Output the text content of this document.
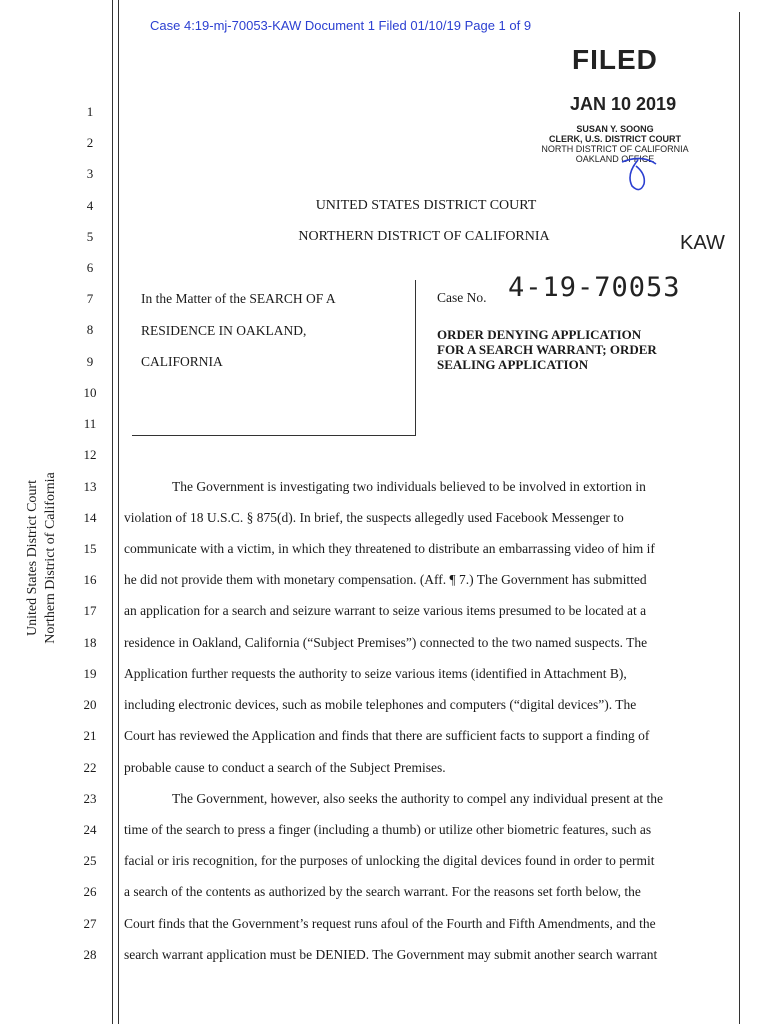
Case 4:19-mj-70053-KAW Document 1 Filed 01/10/19 Page 1 of 9
FILED
JAN 10 2019
SUSAN Y. SOONG
CLERK, U.S. DISTRICT COURT
NORTH DISTRICT OF CALIFORNIA
OAKLAND OFFICE
UNITED STATES DISTRICT COURT
NORTHERN DISTRICT OF CALIFORNIA	KAW
In the Matter of the SEARCH OF A
RESIDENCE IN OAKLAND,
CALIFORNIA
Case No. 4-19-70053
ORDER DENYING APPLICATION
FOR A SEARCH WARRANT; ORDER
SEALING APPLICATION
United States District Court Northern District of California
1
2
3
4
5
6
7
8
9
10
11
12
13
14
15
16
17
18
19
20
21
22
23
24
25
26
27
28
The Government is investigating two individuals believed to be involved in extortion in
violation of 18 U.S.C. § 875(d). In brief, the suspects allegedly used Facebook Messenger to
communicate with a victim, in which they threatened to distribute an embarrassing video of him if
he did not provide them with monetary compensation. (Aff. ¶ 7.) The Government has submitted
an application for a search and seizure warrant to seize various items presumed to be located at a
residence in Oakland, California (“Subject Premises”) connected to the two named suspects. The
Application further requests the authority to seize various items (identified in Attachment B),
including electronic devices, such as mobile telephones and computers (“digital devices”). The
Court has reviewed the Application and finds that there are sufficient facts to support a finding of
probable cause to conduct a search of the Subject Premises.
The Government, however, also seeks the authority to compel any individual present at the
time of the search to press a finger (including a thumb) or utilize other biometric features, such as
facial or iris recognition, for the purposes of unlocking the digital devices found in order to permit
a search of the contents as authorized by the search warrant. For the reasons set forth below, the
Court finds that the Government’s request runs afoul of the Fourth and Fifth Amendments, and the
search warrant application must be DENIED. The Government may submit another search warrant
